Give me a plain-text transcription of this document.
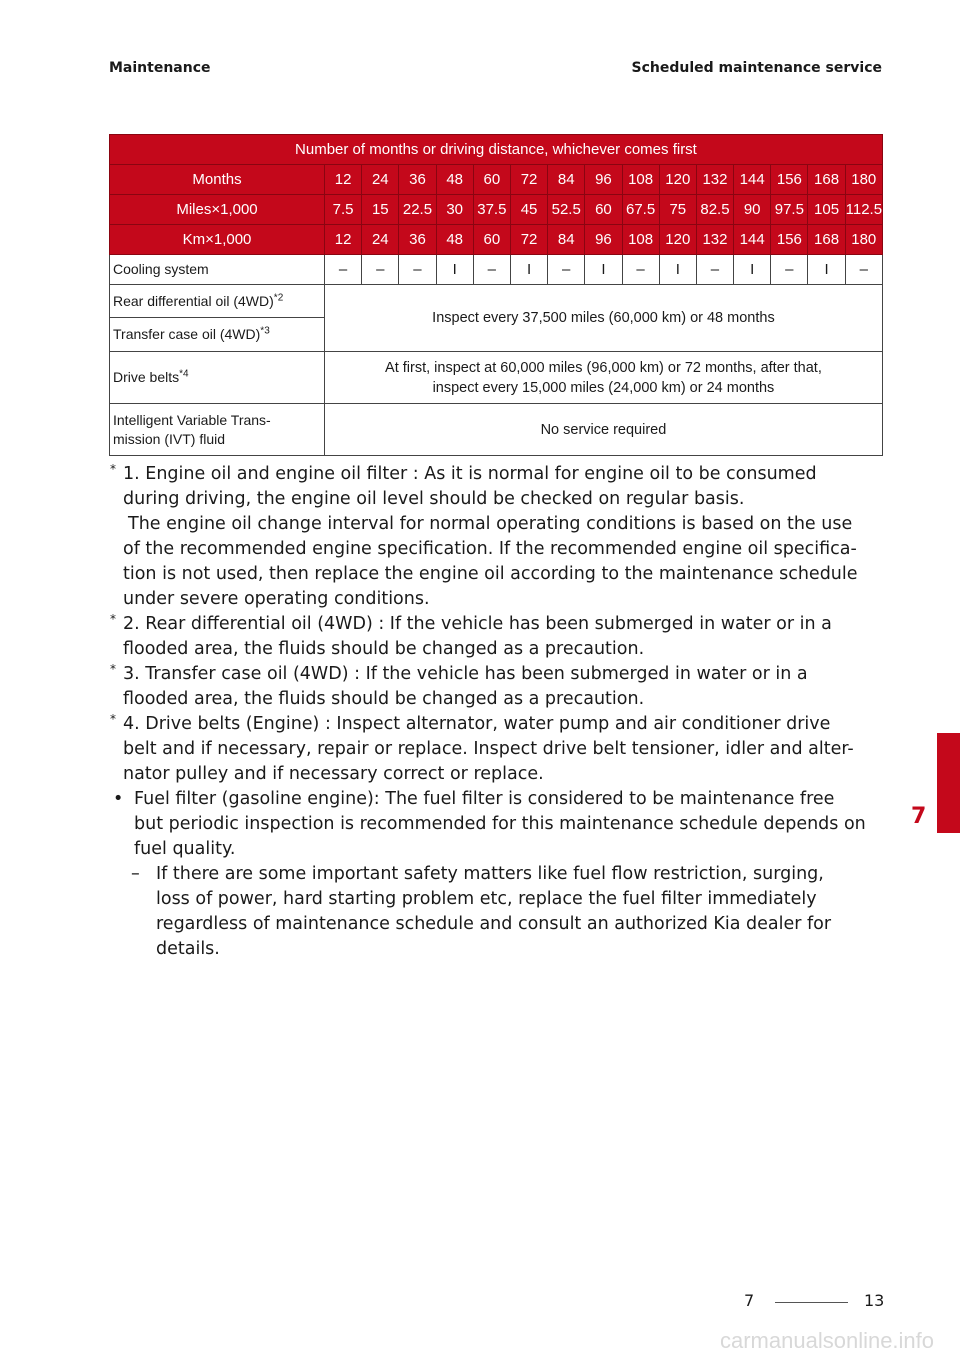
Maintenance	Scheduled maintenance service
Number of months or driving distance, whichever comes first															
Months	12	24	36	48	60	72	84	96	108	120	132	144	156	168	180
Miles×1,000	7.5	15	22.5	30	37.5	45	52.5	60	67.5	75	82.5	90	97.5	105	112.5
Km×1,000	12	24	36	48	60	72	84	96	108	120	132	144	156	168	180
Cooling system	–	–	–	I	–	I	–	I	–	I	–	I	–	I	–
Rear differential oil $(4WD)^{*2}$	Inspect every 37,500 miles (60,000 km) or 48 months														
Transfer case oil $(4WD)^{*3}$
Drive belts$^{*4}$	At first, inspect at 60,000 miles (96,000 km) or 72 months, after that,
inspect every 15,000 miles (24,000 km) or 24 months														

Intelligent Variable Trans-
mission (IVT) fluid	No service required														
* 1. Engine oil and engine oil filter : As it is normal for engine oil to be consumed
during driving, the engine oil level should be checked on regular basis.
The engine oil change interval for normal operating conditions is based on the use
of the recommended engine specification. If the recommended engine oil specifica-
tion is not used, then replace the engine oil according to the maintenance schedule
under severe operating conditions.
* 2. Rear differential oil (4WD) : If the vehicle has been submerged in water or in a
flooded area, the fluids should be changed as a precaution.
* 3. Transfer case oil (4WD) : If the vehicle has been submerged in water or in a
flooded area, the fluids should be changed as a precaution.
* 4. Drive belts (Engine) : Inspect alternator, water pump and air conditioner drive
belt and if necessary, repair or replace. Inspect drive belt tensioner, idler and alter-
nator pulley and if necessary correct or replace.
• Fuel filter (gasoline engine): The fuel filter is considered to be maintenance free
but periodic inspection is recommended for this maintenance schedule depends on
fuel quality.
– If there are some important safety matters like fuel flow restriction, surging,
loss of power, hard starting problem etc, replace the fuel filter immediately
regardless of maintenance schedule and consult an authorized Kia dealer for
details.
7
7	13
carmanualsonline.info
